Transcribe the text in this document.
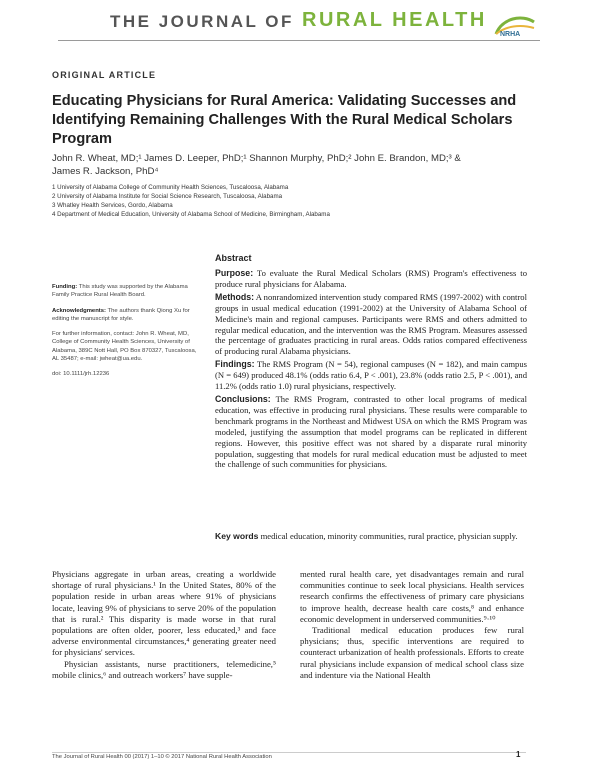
THE JOURNAL OF RURAL HEALTH
NRHA
ORIGINAL ARTICLE
Educating Physicians for Rural America: Validating Successes and Identifying Remaining Challenges With the Rural Medical Scholars Program
John R. Wheat, MD;¹ James D. Leeper, PhD;¹ Shannon Murphy, PhD;² John E. Brandon, MD;³ &
James R. Jackson, PhD⁴
1 University of Alabama College of Community Health Sciences, Tuscaloosa, Alabama
2 University of Alabama Institute for Social Science Research, Tuscaloosa, Alabama
3 Whatley Health Services, Gordo, Alabama
4 Department of Medical Education, University of Alabama School of Medicine, Birmingham, Alabama

Funding: This study was supported by the Alabama Family Practice Rural Health Board.

Acknowledgments: The authors thank Qiong Xu for editing the manuscript for style.

For further information, contact: John R. Wheat, MD, College of Community Health Sciences, University of Alabama, 389C Nott Hall, PO Box 870327, Tuscaloosa, AL 35487; e-mail: jwheat@ua.edu.

doi: 10.1111/jrh.12236

Abstract

Purpose: To evaluate the Rural Medical Scholars (RMS) Program's effectiveness to produce rural physicians for Alabama.

Methods: A nonrandomized intervention study compared RMS (1997-2002) with control groups in usual medical education (1991-2002) at the University of Alabama School of Medicine's main and regional campuses. Participants were RMS and others admitted to regular medical education, and the intervention was the RMS Program. Measures assessed the percentage of graduates practicing in rural areas. Odds ratios compared effectiveness of producing rural Alabama physicians.

Findings: The RMS Program (N = 54), regional campuses (N = 182), and main campus (N = 649) produced 48.1% (odds ratio 6.4, P < .001), 23.8% (odds ratio 2.5, P < .001), and 11.2% (odds ratio 1.0) rural physicians, respectively.

Conclusions: The RMS Program, contrasted to other local programs of medical education, was effective in producing rural physicians. These results were comparable to benchmark programs in the Northeast and Midwest USA on which the RMS Program was modeled, justifying the assumption that model programs can be replicated in different regions. However, this positive effect was not shared by a disparate rural minority population, suggesting that models for rural medical education must be adjusted to meet the challenge of such communities for physicians.

Key words medical education, minority communities, rural practice, physician supply.

Physicians aggregate in urban areas, creating a worldwide shortage of rural physicians.¹ In the United States, 80% of the population reside in urban areas where 91% of physicians locate, leaving 9% of physicians to serve 20% of the population that is rural.² This disparity is made worse in that rural populations are often older, poorer, less educated,³ and face adverse environmental circumstances,⁴ generating greater need for physicians' services.

Physician assistants, nurse practitioners, telemedicine,⁵ mobile clinics,⁶ and outreach workers⁷ have supple-

mented rural health care, yet disadvantages remain and rural communities continue to seek local physicians. Health services research confirms the effectiveness of primary care physicians to improve health, decrease health care costs,⁸ and enhance economic development in underserved communities.⁹·¹⁰

Traditional medical education produces few rural physicians; thus, specific interventions are required to counteract urbanization of health professionals. Efforts to create rural physicians include expansion of medical school class size and indenture via the National Health

The Journal of Rural Health 00 (2017) 1–10 © 2017 National Rural Health Association	1
